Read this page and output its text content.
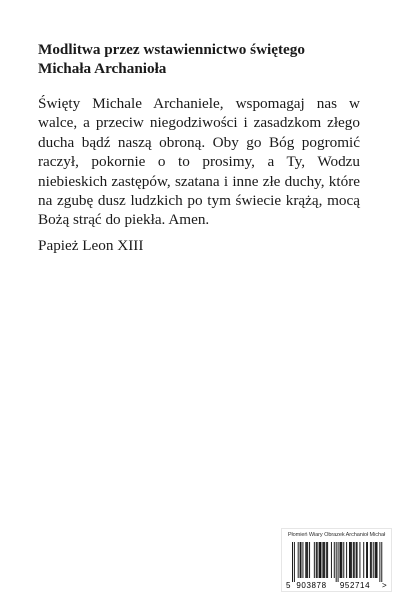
Modlitwa przez wstawiennictwo świętego
Michała Archanioła

Święty Michale Archaniele, wspomagaj nas w walce, a przeciw niegodziwości i zasadzkom złego ducha bądź naszą obroną. Oby go Bóg pogromić raczył, pokornie o to prosimy, a Ty, Wodzu niebieskich zastępów, szatana i inne złe duchy, które na zgubę dusz ludzkich po tym świecie krążą, mocą Bożą strąć do piekła. Amen.

Papież Leon XIII

Płomień Wiary Obrazek Archanioł Michał
5 903878 952714 >
